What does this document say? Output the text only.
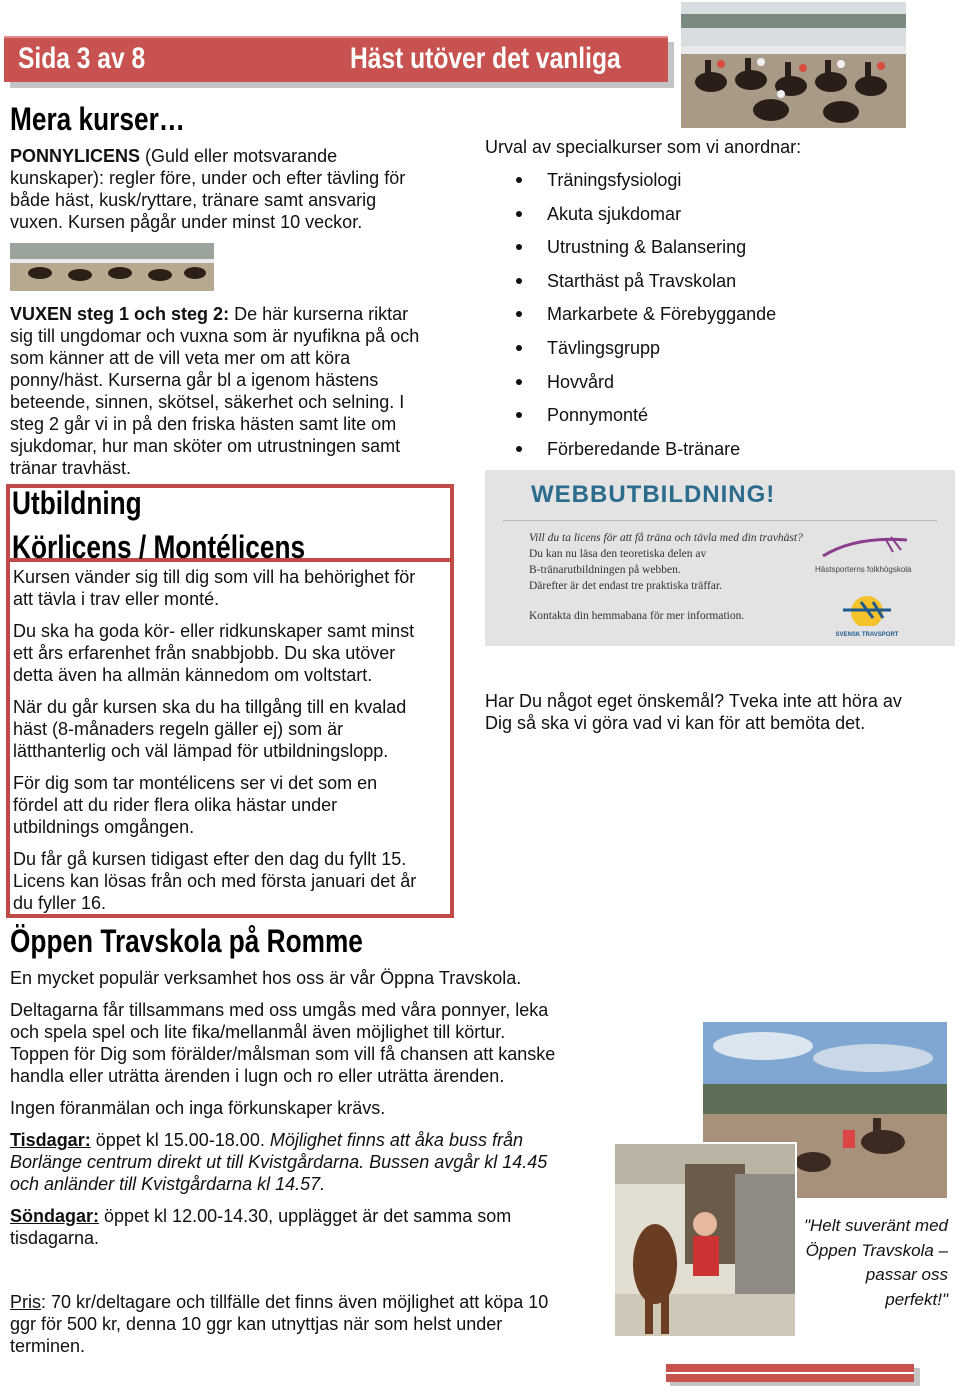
Sida 3 av 8	Häst utöver det vanliga
Mera kurser…
PONNYLICENS (Guld eller motsvarande
kunskaper): regler före, under och efter tävling för
både häst, kusk/ryttare, tränare samt ansvarig
vuxen. Kursen pågår under minst 10 veckor.
VUXEN steg 1 och steg 2: De här kurserna riktar
sig till ungdomar och vuxna som är nyufikna på och
som känner att de vill veta mer om att köra
ponny/häst. Kurserna går bl a igenom hästens
beteende, sinnen, skötsel, säkerhet och selning. I
steg 2 går vi in på den friska hästen samt lite om
sjukdomar, hur man sköter om utrustningen samt
tränar travhäst.
Utbildning
Körlicens / Montélicens
Kursen vänder sig till dig som vill ha behörighet för
att tävla i trav eller monté.
Du ska ha goda kör- eller ridkunskaper samt minst
ett års erfarenhet från snabbjobb. Du ska utöver
detta även ha allmän kännedom om voltstart.
När du går kursen ska du ha tillgång till en kvalad
häst (8-månaders regeln gäller ej) som är
lätthanterlig och väl lämpad för utbildningslopp.
För dig som tar montélicens ser vi det som en
fördel att du rider flera olika hästar under
utbildnings omgången.
Du får gå kursen tidigast efter den dag du fyllt 15.
Licens kan lösas från och med första januari det år
du fyller 16.
Urval av specialkurser som vi anordnar:
Träningsfysiologi
Akuta sjukdomar
Utrustning & Balansering
Starthäst på Travskolan
Markarbete & Förebyggande
Tävlingsgrupp
Hovvård
Ponnymonté
Förberedande B-tränare
WEBBUTBILDNING!
Vill du ta licens för att få träna och tävla med din travhäst?
Du kan nu läsa den teoretiska delen av
B-tränarutbildningen på webben.
Därefter är det endast tre praktiska träffar.
Kontakta din hemmabana för mer information.
Hästsporterns folkhögskola
SVENSK TRAVSPORT
Har Du något eget önskemål? Tveka inte att höra av
Dig så ska vi göra vad vi kan för att bemöta det.
Öppen Travskola på Romme
En mycket populär verksamhet hos oss är vår Öppna Travskola.
Deltagarna får tillsammans med oss umgås med våra ponnyer, leka
och spela spel och lite fika/mellanmål även möjlighet till körtur.
Toppen för Dig som förälder/målsman som vill få chansen att kanske
handla eller uträtta ärenden i lugn och ro eller uträtta ärenden.
Ingen föranmälan och inga förkunskaper krävs.
Tisdagar: öppet kl 15.00-18.00. Möjlighet finns att åka buss från
Borlänge centrum direkt ut till Kvistgårdarna. Bussen avgår kl 14.45
och anländer till Kvistgårdarna kl 14.57.
Söndagar: öppet kl 12.00-14.30, upplägget är det samma som
tisdagarna.
Pris: 70 kr/deltagare och tillfälle det finns även möjlighet att köpa 10
ggr för 500 kr, denna 10 ggr kan utnyttjas när som helst under
terminen.
"Helt suveränt med
Öppen Travskola –
passar oss
perfekt!"
